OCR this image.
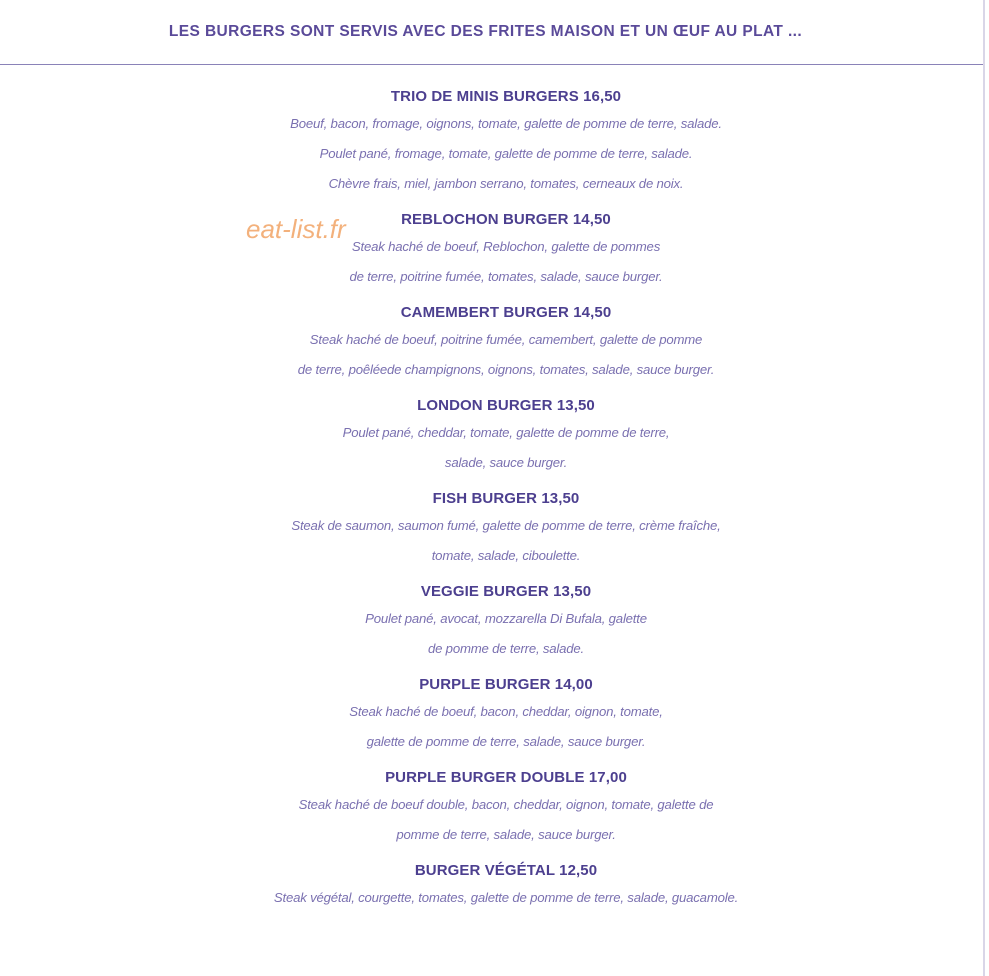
LES BURGERS SONT SERVIS AVEC DES FRITES MAISON ET UN ŒUF AU PLAT ...
TRIO DE MINIS BURGERS 16,50
Boeuf, bacon, fromage, oignons, tomate, galette de pomme de terre, salade.
Poulet pané, fromage, tomate, galette de pomme de terre, salade.
Chèvre frais, miel, jambon serrano, tomates, cerneaux de noix.
REBLOCHON BURGER 14,50
Steak haché de boeuf, Reblochon, galette de pommes
de terre, poitrine fumée, tomates, salade, sauce burger.
CAMEMBERT BURGER 14,50
Steak haché de boeuf, poitrine fumée, camembert, galette de pomme
de terre, poêléede champignons, oignons, tomates, salade, sauce burger.
LONDON BURGER 13,50
Poulet pané, cheddar, tomate, galette de pomme de terre,
salade, sauce burger.
FISH BURGER 13,50
Steak de saumon, saumon fumé, galette de pomme de terre, crème fraîche,
tomate, salade, ciboulette.
VEGGIE BURGER 13,50
Poulet pané, avocat, mozzarella Di Bufala, galette
de pomme de terre, salade.
PURPLE BURGER 14,00
Steak haché de boeuf, bacon, cheddar, oignon, tomate,
galette de pomme de terre, salade, sauce burger.
PURPLE BURGER DOUBLE 17,00
Steak haché de boeuf double, bacon, cheddar, oignon, tomate, galette de
pomme de terre, salade, sauce burger.
BURGER VÉGÉTAL 12,50
Steak végétal, courgette, tomates, galette de pomme de terre, salade, guacamole.
eat-list.fr
